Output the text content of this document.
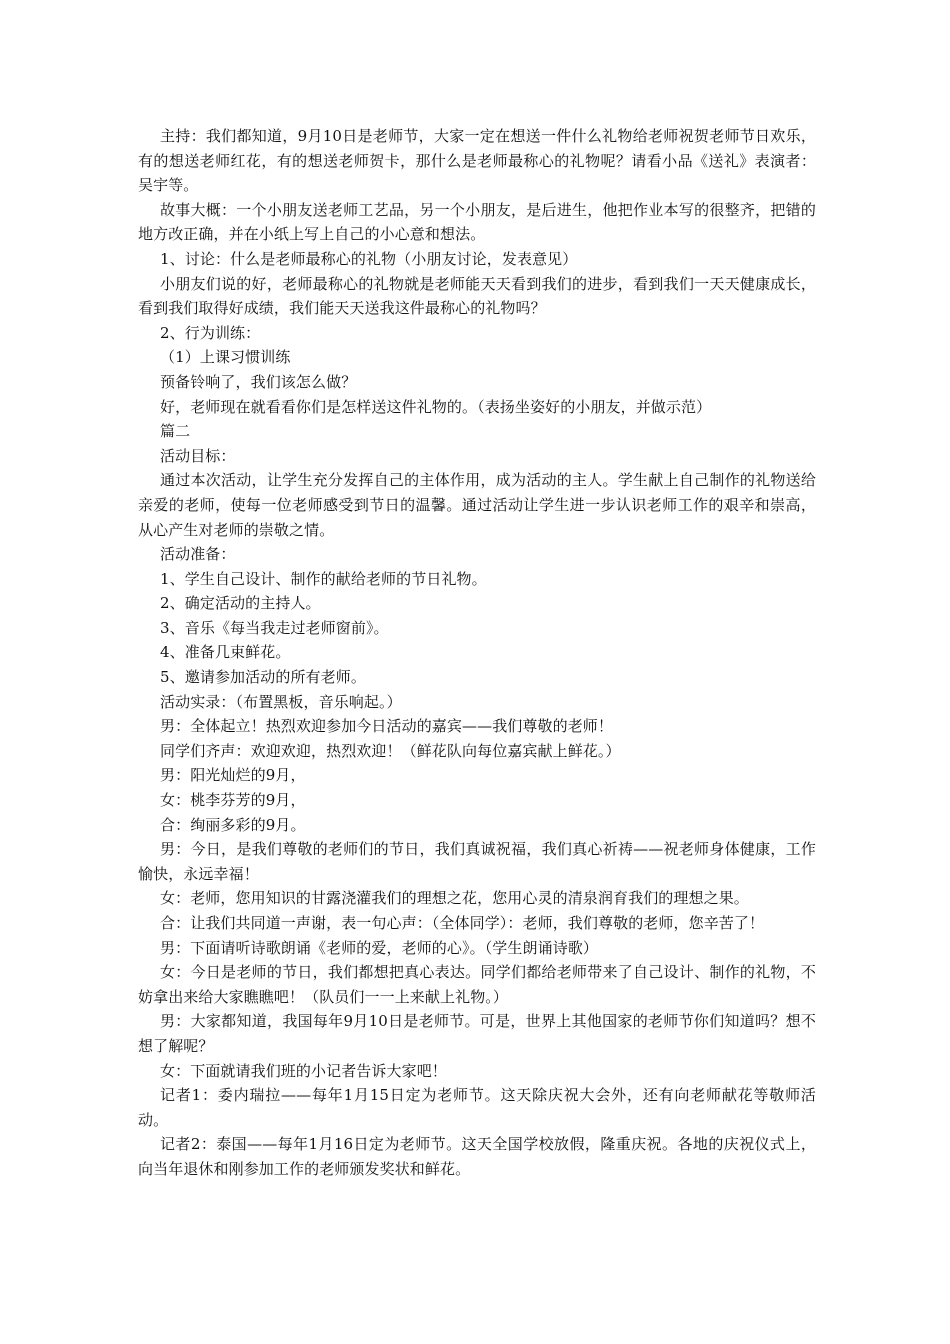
主持：我们都知道，9月10日是老师节，大家一定在想送一件什么礼物给老师祝贺老师节日欢乐，有的想送老师红花，有的想送老师贺卡，那什么是老师最称心的礼物呢？请看小品《送礼》表演者：吴宇等。

故事大概：一个小朋友送老师工艺品，另一个小朋友，是后进生，他把作业本写的很整齐，把错的地方改正确，并在小纸上写上自己的小心意和想法。

1、讨论：什么是老师最称心的礼物（小朋友讨论，发表意见）

小朋友们说的好，老师最称心的礼物就是老师能天天看到我们的进步，看到我们一天天健康成长，看到我们取得好成绩，我们能天天送我这件最称心的礼物吗？

2、行为训练：

（1）上课习惯训练

预备铃响了，我们该怎么做？

好，老师现在就看看你们是怎样送这件礼物的。（表扬坐姿好的小朋友，并做示范）

篇二

活动目标：

通过本次活动，让学生充分发挥自己的主体作用，成为活动的主人。学生献上自己制作的礼物送给亲爱的老师，使每一位老师感受到节日的温馨。通过活动让学生进一步认识老师工作的艰辛和崇高，从心产生对老师的崇敬之情。

活动准备：

1、学生自己设计、制作的献给老师的节日礼物。

2、确定活动的主持人。

3、音乐《每当我走过老师窗前》。

4、准备几束鲜花。

5、邀请参加活动的所有老师。

活动实录：（布置黑板，音乐响起。）

男：全体起立！热烈欢迎参加今日活动的嘉宾——我们尊敬的老师！

同学们齐声：欢迎欢迎，热烈欢迎！（鲜花队向每位嘉宾献上鲜花。）

男：阳光灿烂的9月，

女：桃李芬芳的9月，

合：绚丽多彩的9月。

男：今日，是我们尊敬的老师们的节日，我们真诚祝福，我们真心祈祷——祝老师身体健康，工作愉快，永远幸福！

女：老师，您用知识的甘露浇灌我们的理想之花，您用心灵的清泉润育我们的理想之果。

合：让我们共同道一声谢，表一句心声：（全体同学）：老师，我们尊敬的老师，您辛苦了！

男：下面请听诗歌朗诵《老师的爱，老师的心》。（学生朗诵诗歌）

女：今日是老师的节日，我们都想把真心表达。同学们都给老师带来了自己设计、制作的礼物，不妨拿出来给大家瞧瞧吧！（队员们一一上来献上礼物。）

男：大家都知道，我国每年9月10日是老师节。可是，世界上其他国家的老师节你们知道吗？想不想了解呢？

女：下面就请我们班的小记者告诉大家吧！

记者1：委内瑞拉——每年1月15日定为老师节。这天除庆祝大会外，还有向老师献花等敬师活动。

记者2：泰国——每年1月16日定为老师节。这天全国学校放假，隆重庆祝。各地的庆祝仪式上，向当年退休和刚参加工作的老师颁发奖状和鲜花。
